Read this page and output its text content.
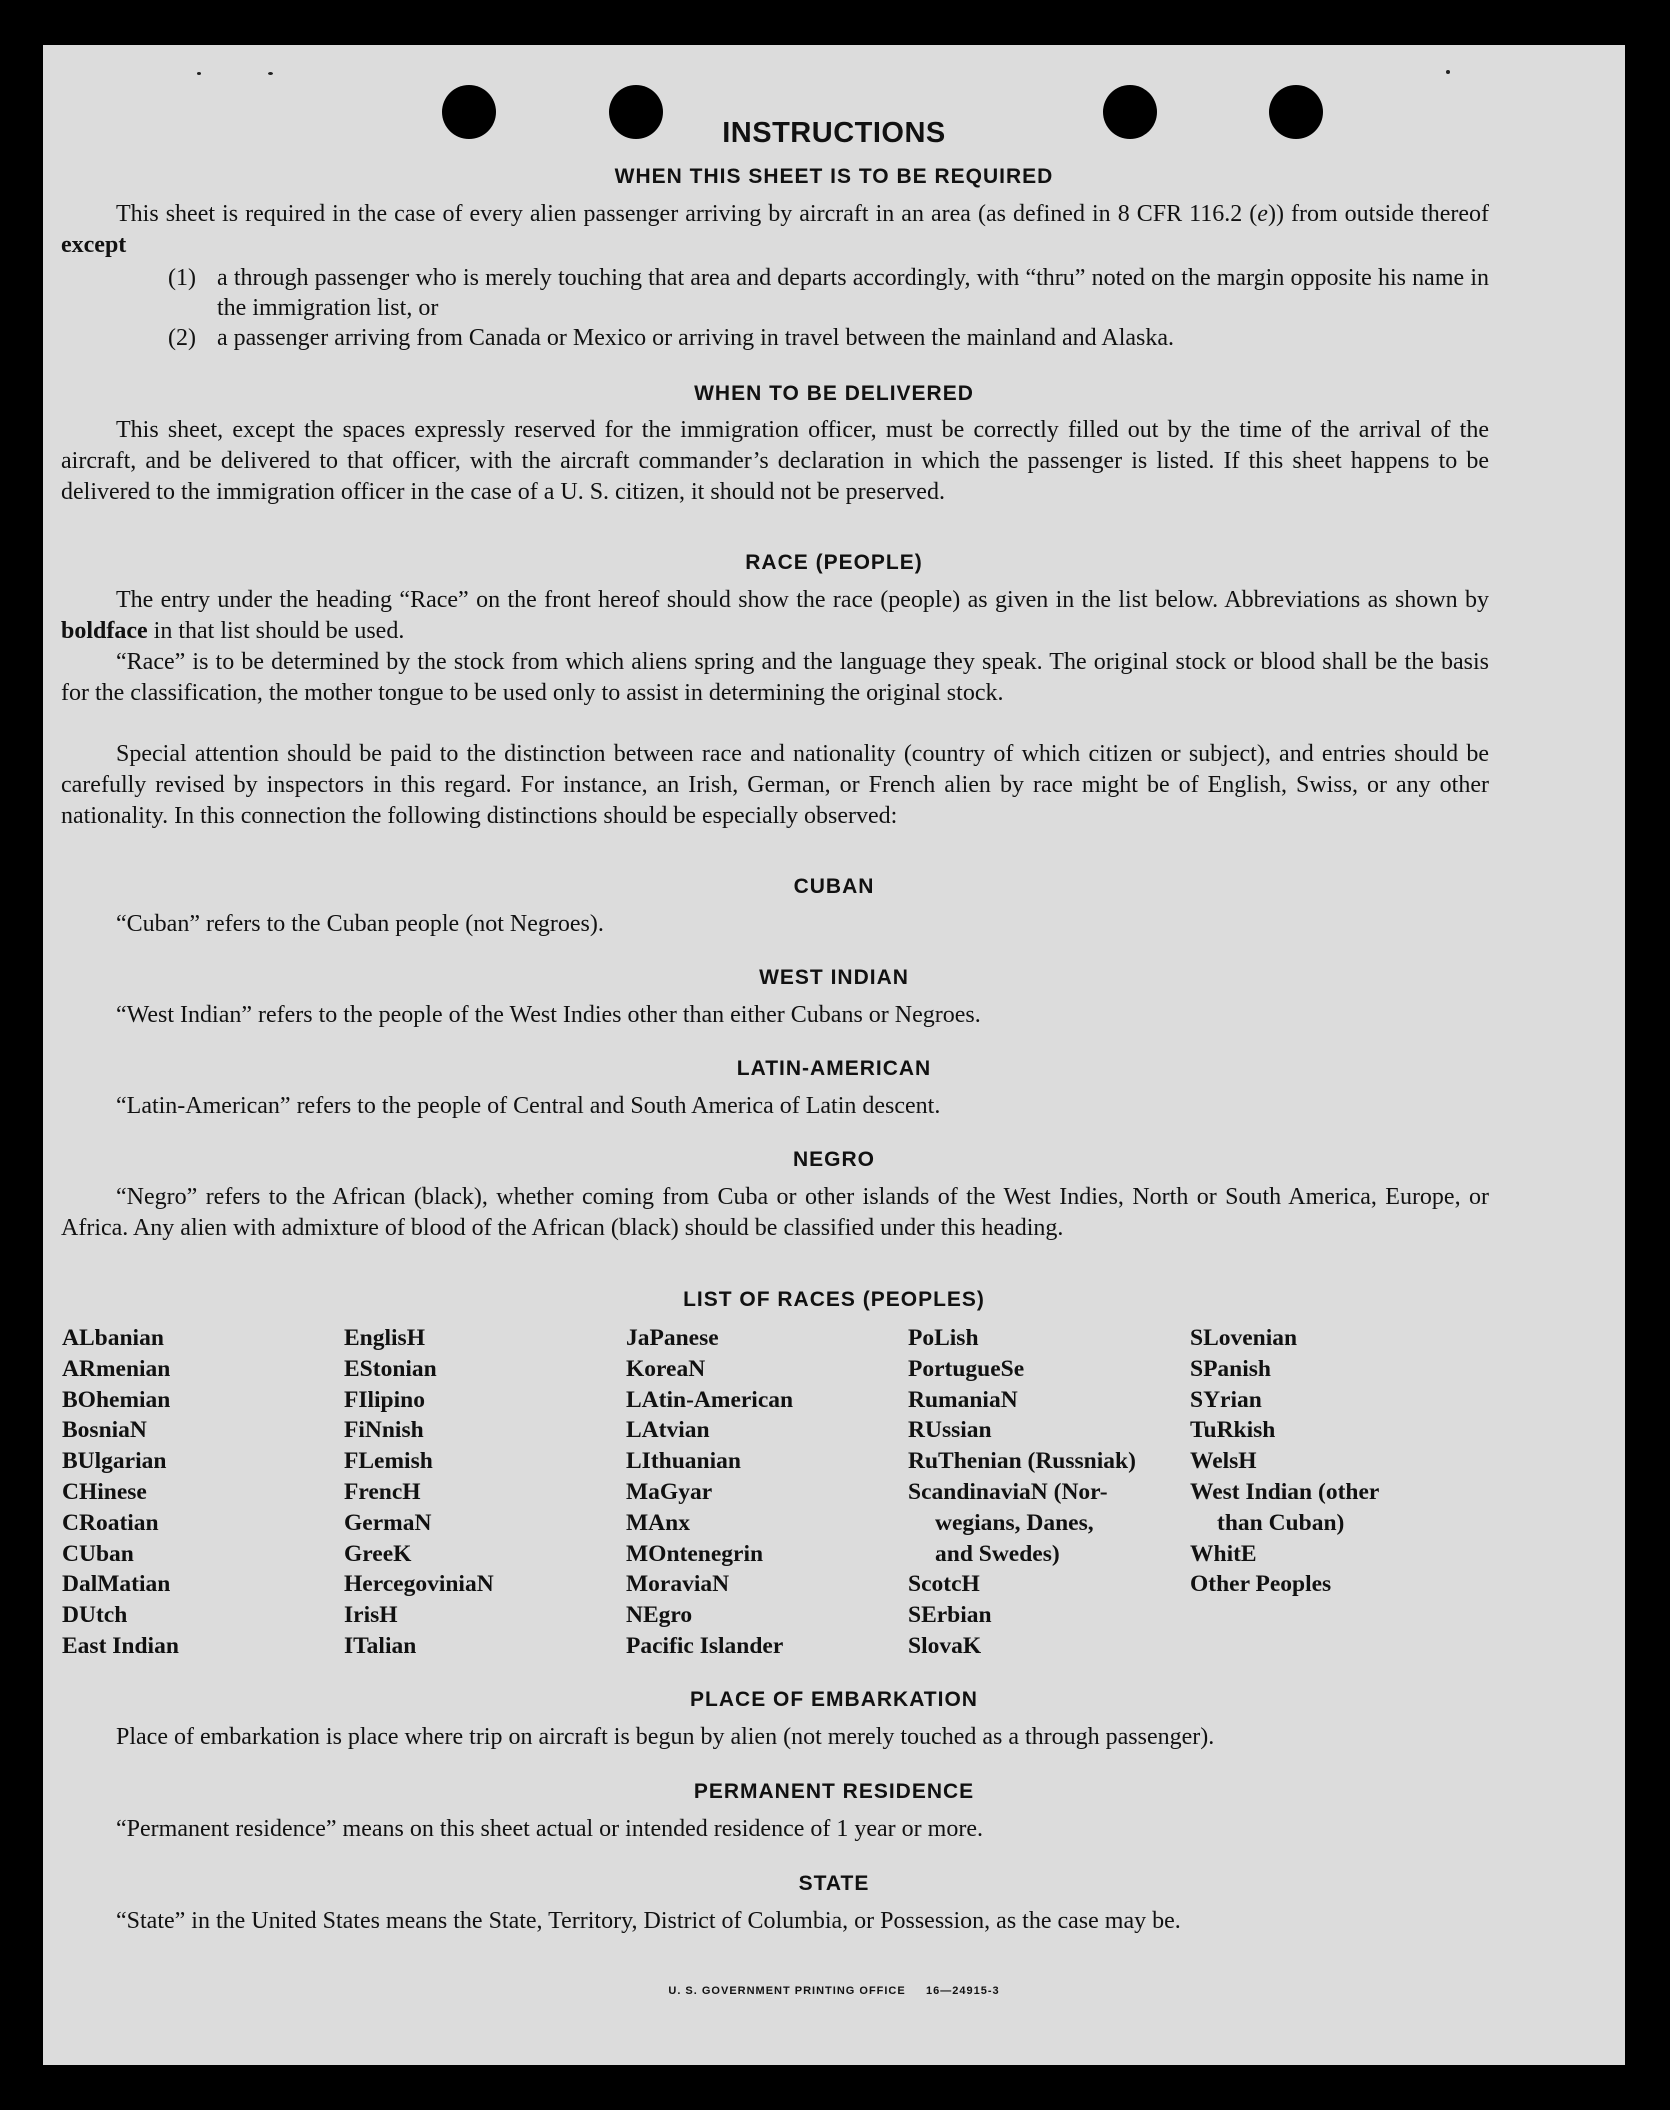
INSTRUCTIONS
WHEN THIS SHEET IS TO BE REQUIRED

This sheet is required in the case of every alien passenger arriving by aircraft in an area (as defined in 8 CFR 116.2 (e)) from outside thereof except

(1) a through passenger who is merely touching that area and departs accordingly, with “thru” noted on the margin opposite his name in the immigration list, or
(2) a passenger arriving from Canada or Mexico or arriving in travel between the mainland and Alaska.
WHEN TO BE DELIVERED

This sheet, except the spaces expressly reserved for the immigration officer, must be correctly filled out by the time of the arrival of the aircraft, and be delivered to that officer, with the aircraft commander’s declaration in which the passenger is listed. If this sheet happens to be delivered to the immigration officer in the case of a U. S. citizen, it should not be preserved.

RACE (PEOPLE)

The entry under the heading “Race” on the front hereof should show the race (people) as given in the list below. Abbreviations as shown by boldface in that list should be used.

“Race” is to be determined by the stock from which aliens spring and the language they speak. The original stock or blood shall be the basis for the classification, the mother tongue to be used only to assist in determining the original stock.

Special attention should be paid to the distinction between race and nationality (country of which citizen or subject), and entries should be carefully revised by inspectors in this regard. For instance, an Irish, German, or French alien by race might be of English, Swiss, or any other nationality. In this connection the following distinctions should be especially observed:

CUBAN

“Cuban” refers to the Cuban people (not Negroes).

WEST INDIAN

“West Indian” refers to the people of the West Indies other than either Cubans or Negroes.

LATIN-AMERICAN

“Latin-American” refers to the people of Central and South America of Latin descent.

NEGRO

“Negro” refers to the African (black), whether coming from Cuba or other islands of the West Indies, North or South America, Europe, or Africa. Any alien with admixture of blood of the African (black) should be classified under this heading.

LIST OF RACES (PEOPLES)
ALbanian
ARmenian
BOhemian
BosniaN
BUlgarian
CHinese
CRoatian
CUban
DalMatian
DUtch
East Indian
EnglisH
EStonian
FIlipino
FiNnish
FLemish
FrencH
GermaN
GreeK
HercegoviniaN
IrisH
ITalian
JaPanese
KoreaN
LAtin-American
LAtvian
LIthuanian
MaGyar
MAnx
MOntenegrin
MoraviaN
NEgro
Pacific Islander
PoLish
PortugueSe
RumaniaN
RUssian
RuThenian (Russniak)
ScandinaviaN (Nor-
wegians, Danes,
and Swedes)
ScotcH
SErbian
SlovaK
SLovenian
SPanish
SYrian
TuRkish
WelsH
West Indian (other
than Cuban)
WhitE
Other Peoples
PLACE OF EMBARKATION

Place of embarkation is place where trip on aircraft is begun by alien (not merely touched as a through passenger).

PERMANENT RESIDENCE

“Permanent residence” means on this sheet actual or intended residence of 1 year or more.

STATE

“State” in the United States means the State, Territory, District of Columbia, or Possession, as the case may be.

U. S. GOVERNMENT PRINTING OFFICE     16—24915-3
